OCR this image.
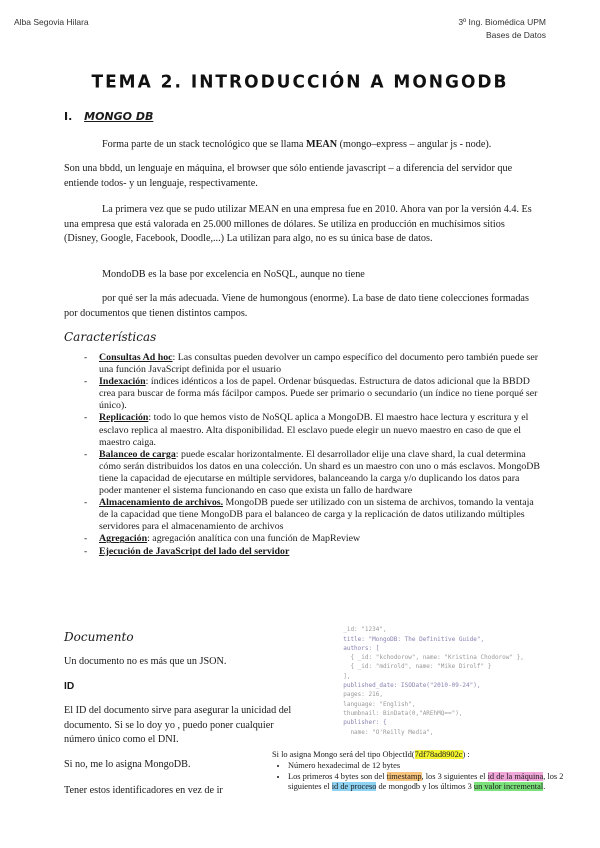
Alba Segovia Hilara	3º Ing. Biomédica UPM
Bases de Datos
TEMA 2. INTRODUCCIÓN A MONGODB
I. MONGO DB
Forma parte de un stack tecnológico que se llama MEAN (mongo–express – angular js - node).
Son una bbdd, un lenguaje en máquina, el browser que sólo entiende javascript – a diferencia del servidor que entiende todos- y un lenguaje, respectivamente.
La primera vez que se pudo utilizar MEAN en una empresa fue en 2010. Ahora van por la versión 4.4. Es una empresa que está valorada en 25.000 millones de dólares. Se utiliza en producción en muchísimos sitios (Disney, Google, Facebook, Doodle,...) La utilizan para algo, no es su única base de datos.
MondoDB es la base por excelencia en NoSQL, aunque no tiene
por qué ser la más adecuada. Viene de humongous (enorme). La base de dato tiene colecciones formadas por documentos que tienen distintos campos.
Características
- Consultas Ad hoc: Las consultas pueden devolver un campo específico del documento pero también puede ser una función JavaScript definida por el usuario
- Indexación: índices idénticos a los de papel. Ordenar búsquedas. Estructura de datos adicional que la BBDD crea para buscar de forma más fácilpor campos. Puede ser primario o secundario (un índice no tiene porqué ser único).
- Replicación: todo lo que hemos visto de NoSQL aplica a MongoDB. El maestro hace lectura y escritura y el esclavo replica al maestro. Alta disponibilidad. El esclavo puede elegir un nuevo maestro en caso de que el maestro caiga.
- Balanceo de carga: puede escalar horizontalmente. El desarrollador elije una clave shard, la cual determina cómo serán distribuidos los datos en una colección. Un shard es un maestro con uno o más esclavos. MongoDB tiene la capacidad de ejecutarse en múltiple servidores, balanceando la carga y/o duplicando los datos para poder mantener el sistema funcionando en caso que exista un fallo de hardware
- Almacenamiento de archivos. MongoDB puede ser utilizado con un sistema de archivos, tomando la ventaja de la capacidad que tiene MongoDB para el balanceo de carga y la replicación de datos utilizando múltiples servidores para el almacenamiento de archivos
- Agregación: agregación analítica con una función de MapReview
- Ejecución de JavaScript del lado del servidor
Documento
Un documento no es más que un JSON.
ID
El ID del documento sirve para asegurar la unicidad del documento. Si se lo doy yo , puedo poner cualquier número único como el DNI.
Si no, me lo asigna MongoDB.
Tener estos identificadores en vez de ir

_id: "1234",
title: "MongoDB: The Definitive Guide",
authors: [
{ _id: "kchodorow", name: "Kristina Chodorow" },
{ _id: "mdirold", name: "Mike Dirolf" }
],
published_date: ISODate("2010-09-24"),
pages: 216,
language: "English",
thumbnail: BinData(0,"AREhMQ=="),
publisher: {
name: "O'Reilly Media",

Si lo asigna Mongo será del tipo ObjectId(7df78ad8902c) :
• Número hexadecimal de 12 bytes
• Los primeros 4 bytes son del timestamp, los 3 siguientes el id de la máquina, los 2 siguientes el id de proceso de mongodb y los últimos 3 un valor incremental.
